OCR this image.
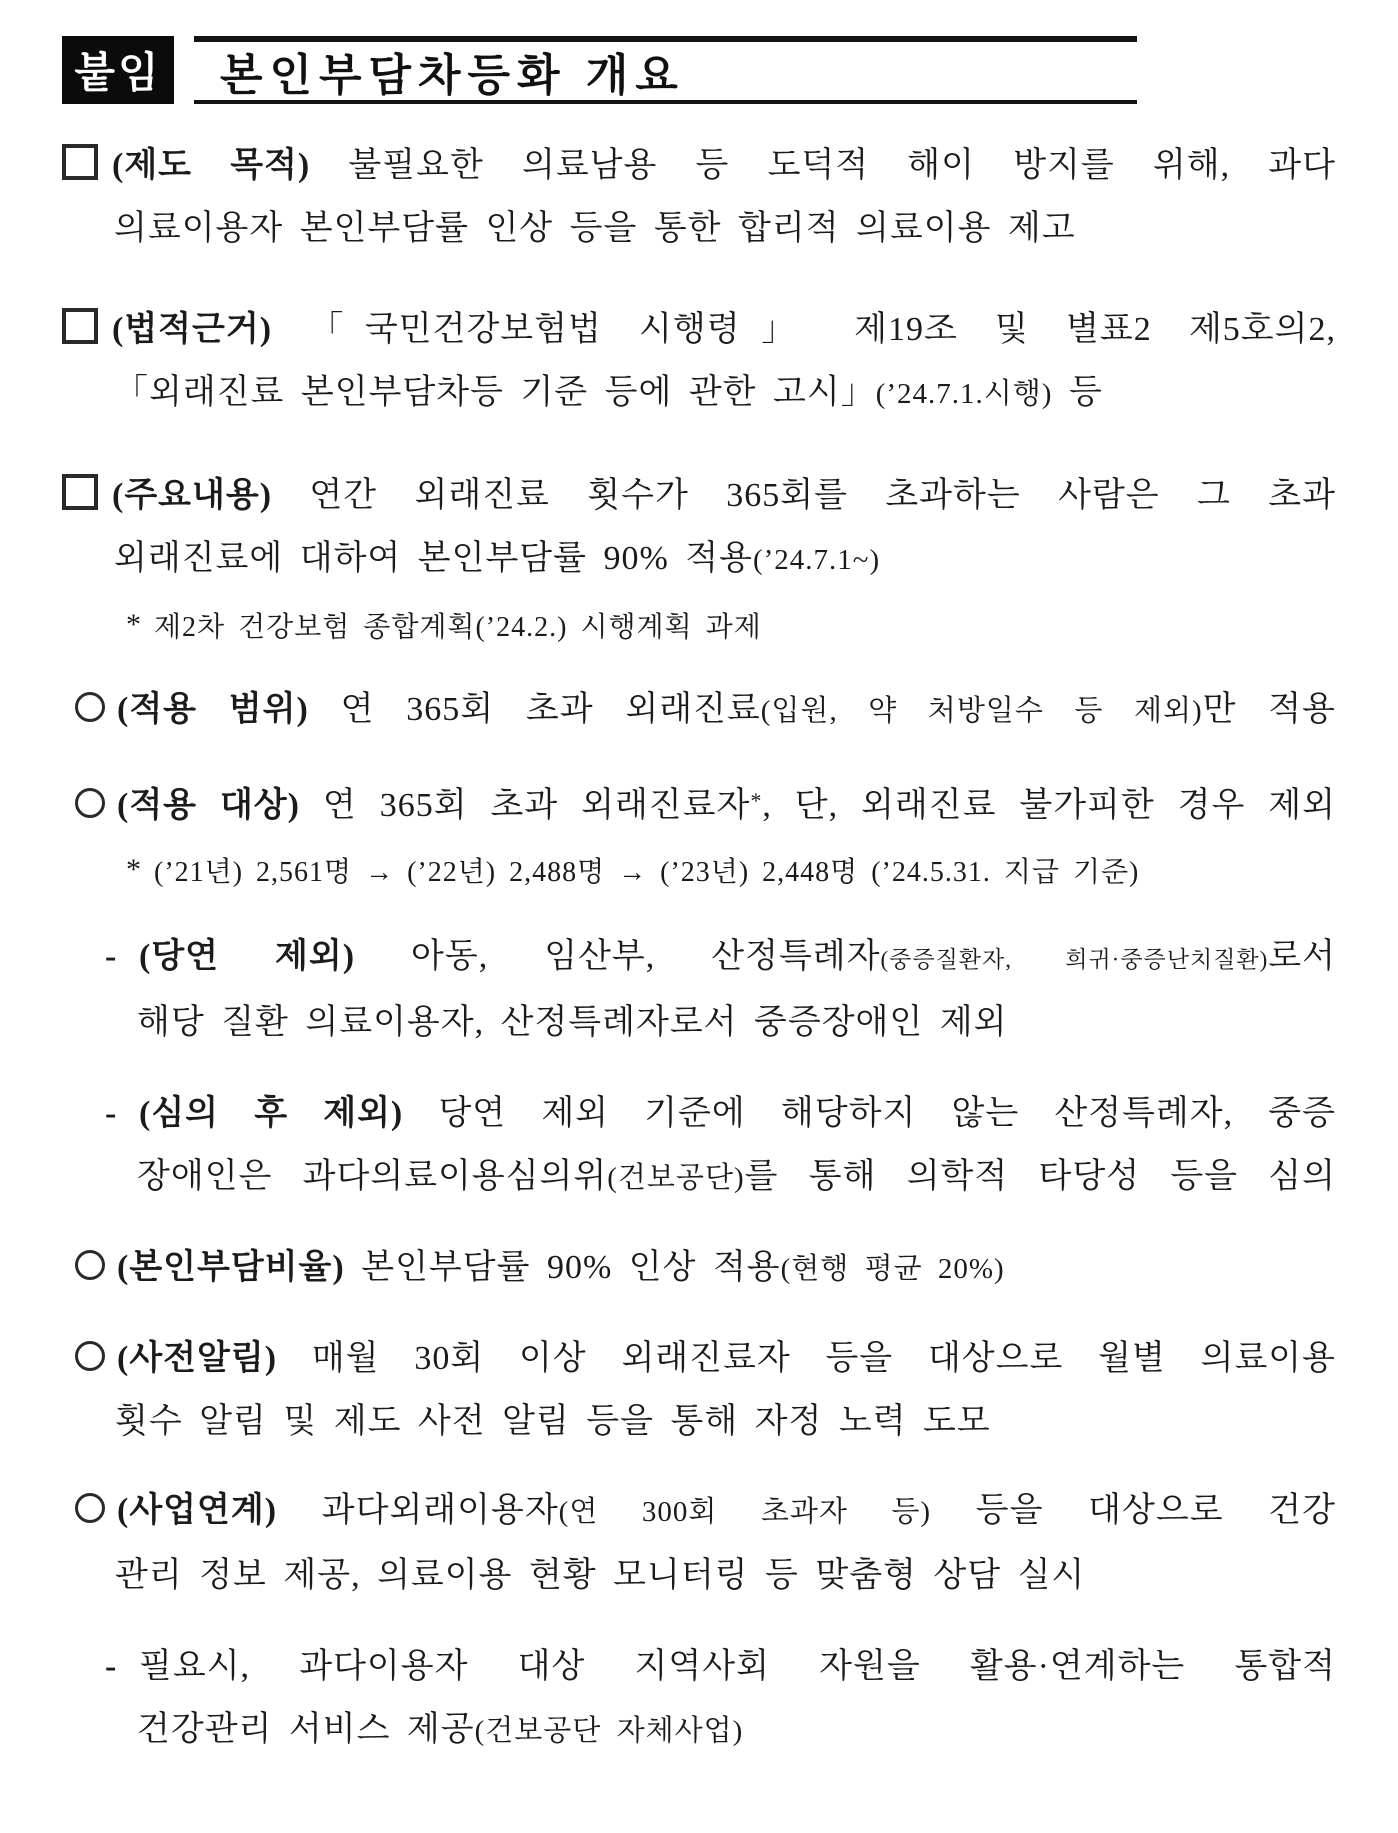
붙임 본인부담차등화 개요
(제도 목적) 불필요한 의료남용 등 도덕적 해이 방지를 위해, 과다
의료이용자 본인부담률 인상 등을 통한 합리적 의료이용 제고
(법적근거) 「국민건강보험법 시행령」 제19조 및 별표2 제5호의2,
「외래진료 본인부담차등 기준 등에 관한 고시」(’24.7.1.시행) 등
(주요내용) 연간 외래진료 횟수가 365회를 초과하는 사람은 그 초과
외래진료에 대하여 본인부담률 90% 적용(’24.7.1~)
* 제2차 건강보험 종합계획(’24.2.) 시행계획 과제
(적용 범위) 연 365회 초과 외래진료(입원, 약 처방일수 등 제외)만 적용
(적용 대상) 연 365회 초과 외래진료자*, 단, 외래진료 불가피한 경우 제외
* (’21년) 2,561명 → (’22년) 2,488명 → (’23년) 2,448명 (’24.5.31. 지급 기준)
- (당연 제외) 아동, 임산부, 산정특례자(중증질환자, 희귀·중증난치질환)로서
해당 질환 의료이용자, 산정특례자로서 중증장애인 제외
- (심의 후 제외) 당연 제외 기준에 해당하지 않는 산정특례자, 중증
장애인은 과다의료이용심의위(건보공단)를 통해 의학적 타당성 등을 심의
(본인부담비율) 본인부담률 90% 인상 적용(현행 평균 20%)
(사전알림) 매월 30회 이상 외래진료자 등을 대상으로 월별 의료이용
횟수 알림 및 제도 사전 알림 등을 통해 자정 노력 도모
(사업연계) 과다외래이용자(연 300회 초과자 등) 등을 대상으로 건강
관리 정보 제공, 의료이용 현황 모니터링 등 맞춤형 상담 실시
- 필요시, 과다이용자 대상 지역사회 자원을 활용·연계하는 통합적
건강관리 서비스 제공(건보공단 자체사업)
